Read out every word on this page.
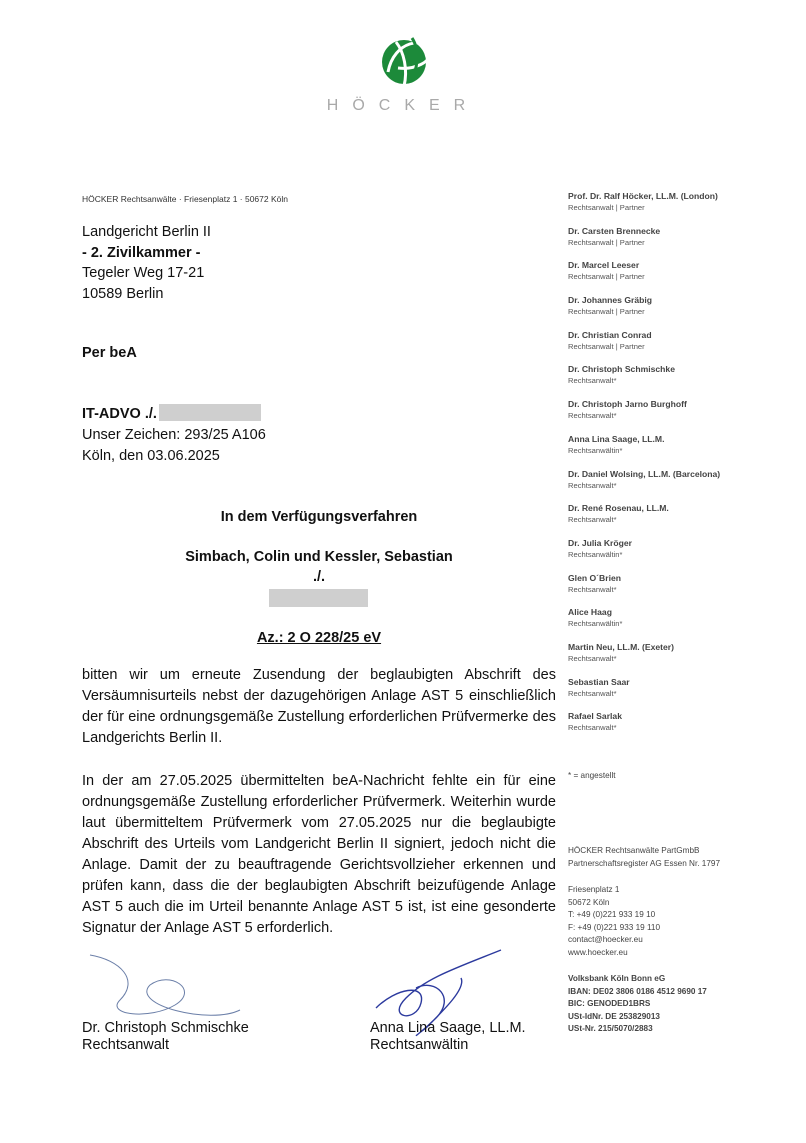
HÖCKER
HÖCKER Rechtsanwälte · Friesenplatz 1 · 50672 Köln
Landgericht Berlin II
- 2. Zivilkammer -
Tegeler Weg 17-21
10589 Berlin
Per beA
IT-ADVO ./.
Unser Zeichen: 293/25 A106
Köln, den 03.06.2025
In dem Verfügungsverfahren
Simbach, Colin und Kessler, Sebastian
./.
Az.: 2 O 228/25 eV
bitten wir um erneute Zusendung der beglaubigten Abschrift des Versäumnisurteils nebst der dazugehörigen Anlage AST 5 einschließlich der für eine ordnungsgemäße Zustellung erforderlichen Prüfvermerke des Landgerichts Berlin II.
In der am 27.05.2025 übermittelten beA-Nachricht fehlte ein für eine ordnungsgemäße Zustellung erforderlicher Prüfvermerk. Weiterhin wurde laut übermitteltem Prüfvermerk vom 27.05.2025 nur die beglaubigte Abschrift des Urteils vom Landgericht Berlin II signiert, jedoch nicht die Anlage. Damit der zu beauftragende Gerichtsvollzieher erkennen und prüfen kann, dass die der beglaubigten Abschrift beizufügende Anlage AST 5 auch die im Urteil benannte Anlage AST 5 ist, ist eine gesonderte Signatur der Anlage AST 5 erforderlich.
Dr. Christoph Schmischke
Rechtsanwalt
Anna Lina Saage, LL.M.
Rechtsanwältin
Prof. Dr. Ralf Höcker, LL.M. (London)
Rechtsanwalt | Partner
Dr. Carsten Brennecke
Rechtsanwalt | Partner
Dr. Marcel Leeser
Rechtsanwalt | Partner
Dr. Johannes Gräbig
Rechtsanwalt | Partner
Dr. Christian Conrad
Rechtsanwalt | Partner
Dr. Christoph Schmischke
Rechtsanwalt*
Dr. Christoph Jarno Burghoff
Rechtsanwalt*
Anna Lina Saage, LL.M.
Rechtsanwältin*
Dr. Daniel Wolsing, LL.M. (Barcelona)
Rechtsanwalt*
Dr. René Rosenau, LL.M.
Rechtsanwalt*
Dr. Julia Kröger
Rechtsanwältin*
Glen O´Brien
Rechtsanwalt*
Alice Haag
Rechtsanwältin*
Martin Neu, LL.M. (Exeter)
Rechtsanwalt*
Sebastian Saar
Rechtsanwalt*
Rafael Sarlak
Rechtsanwalt*
* = angestellt
HÖCKER Rechtsanwälte PartGmbB
Partnerschaftsregister AG Essen Nr. 1797
Friesenplatz 1
50672 Köln
T: +49 (0)221 933 19 10
F: +49 (0)221 933 19 110
contact@hoecker.eu
www.hoecker.eu
Volksbank Köln Bonn eG
IBAN: DE02 3806 0186 4512 9690 17
BIC: GENODED1BRS
USt-IdNr. DE 253829013
USt-Nr. 215/5070/2883
